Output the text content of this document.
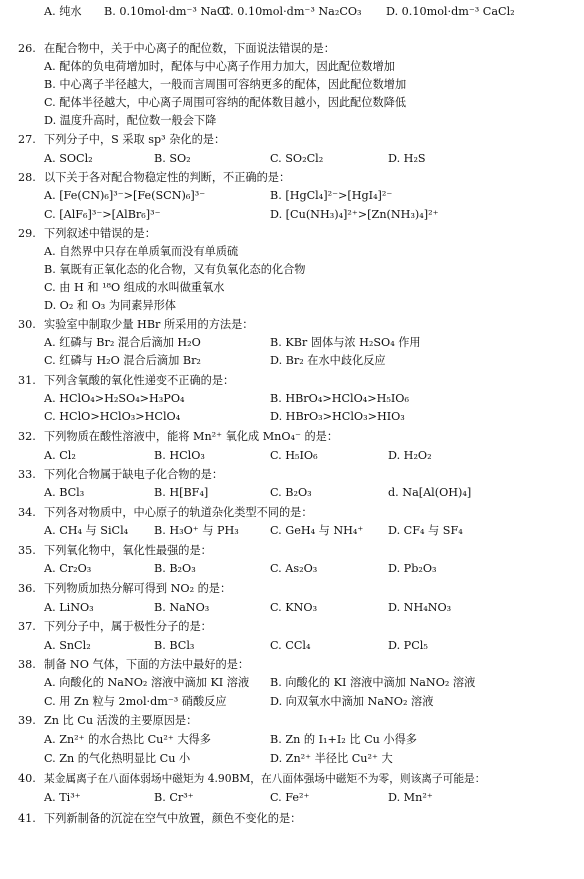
A. 纯水 B. 0.10mol·dm⁻³ NaCl
C. 0.10mol·dm⁻³ Na₂CO₃ D. 0.10mol·dm⁻³ CaCl₂
26. 在配合物中，关于中心离子的配位数，下面说法错误的是：
A. 配体的负电荷增加时，配体与中心离子作用力加大，因此配位数增加
B. 中心离子半径越大，一般而言周围可容纳更多的配体，因此配位数增加
C. 配体半径越大，中心离子周围可容纳的配体数目越小，因此配位数降低
D. 温度升高时，配位数一般会下降
27. 下列分子中，S 采取 sp³ 杂化的是：
A. SOCl₂	B. SO₂	C. SO₂Cl₂	D. H₂S
28. 以下关于各对配合物稳定性的判断，不正确的是：
A. [Fe(CN)₆]³⁻>[Fe(SCN)₆]³⁻	B. [HgCl₄]²⁻>[HgI₄]²⁻
C. [AlF₆]³⁻>[AlBr₆]³⁻	D. [Cu(NH₃)₄]²⁺>[Zn(NH₃)₄]²⁺
29. 下列叙述中错误的是：
A. 自然界中只存在单质氧而没有单质硫
B. 氧既有正氧化态的化合物，又有负氧化态的化合物
C. 由 H 和 ¹⁸O 组成的水叫做重氧水
D. O₂ 和 O₃ 为同素异形体
30. 实验室中制取少量 HBr 所采用的方法是：
A. 红磷与 Br₂ 混合后滴加 H₂O	B. KBr 固体与浓 H₂SO₄ 作用
C. 红磷与 H₂O 混合后滴加 Br₂	D. Br₂ 在水中歧化反应
31. 下列含氧酸的氧化性递变不正确的是：
A. HClO₄>H₂SO₄>H₃PO₄	B. HBrO₄>HClO₄>H₅IO₆
C. HClO>HClO₃>HClO₄	D. HBrO₃>HClO₃>HIO₃
32. 下列物质在酸性溶液中，能将 Mn²⁺ 氧化成 MnO₄⁻ 的是：
A. Cl₂	B. HClO₃	C. H₅IO₆	D. H₂O₂
33. 下列化合物属于缺电子化合物的是：
A. BCl₃	B. H[BF₄]	C. B₂O₃	d. Na[Al(OH)₄]
34. 下列各对物质中，中心原子的轨道杂化类型不同的是：
A. CH₄ 与 SiCl₄ B. H₃O⁺ 与 PH₃	C. GeH₄ 与 NH₄⁺ D. CF₄ 与 SF₄
35. 下列氧化物中，氧化性最强的是：
A. Cr₂O₃	B. B₂O₃	C. As₂O₃	D. Pb₂O₃
36. 下列物质加热分解可得到 NO₂ 的是：
A. LiNO₃	B. NaNO₃	C. KNO₃	D. NH₄NO₃
37. 下列分子中，属于极性分子的是：
A. SnCl₂	B. BCl₃	C. CCl₄	D. PCl₅
38. 制备 NO 气体，下面的方法中最好的是：
A. 向酸化的 NaNO₂ 溶液中滴加 KI 溶液 B. 向酸化的 KI 溶液中滴加 NaNO₂ 溶液
C. 用 Zn 粒与 2mol·dm⁻³ 硝酸反应	D. 向双氧水中滴加 NaNO₂ 溶液
39. Zn 比 Cu 活泼的主要原因是：
A. Zn²⁺ 的水合热比 Cu²⁺ 大得多	B. Zn 的 I₁+I₂ 比 Cu 小得多
C. Zn 的气化热明显比 Cu 小	D. Zn²⁺ 半径比 Cu²⁺ 大
40. 某金属离子在八面体弱场中磁矩为 4.90BM，在八面体强场中磁矩不为零，则该离子可能是：
A. Ti³⁺	B. Cr³⁺	C. Fe²⁺	D. Mn²⁺
41. 下列新制备的沉淀在空气中放置，颜色不变化的是：
